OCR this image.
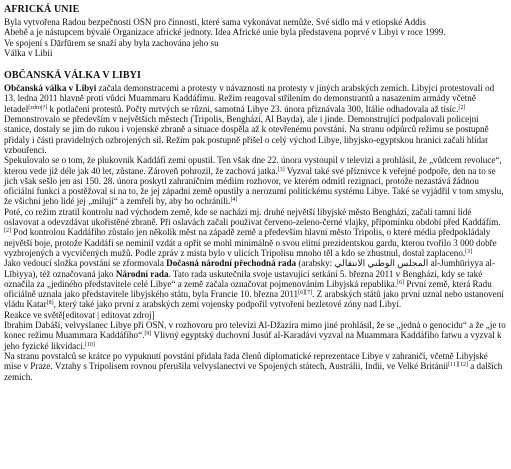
AFRICKÁ UNIE
Byla vytvořena Radou bezpečnosti OSN pro činnosti, které sama vykonávat nemůže. Své sídlo má v etiopské Addis
Abebě a je nástupcem bývalé Organizace africké jednoty. Idea Africké unie byla představena poprvé v Libyi v roce 1999.
Ve spojení s Dārfūrem se snaží aby byla zachována jeho su
Válka v Libii
OBČANSKÁ VÁLKA V LIBYI

Občanská válka v Libyi začala demonstracemi a protesty v návaznosti na protesty v jiných arabských zemích. Libyjci protestovali od 13. ledna 2011 hlavně proti vůdci Muammaru Kaddáfímu. Režim reagoval střílením do demonstrantů a nasazením armády včetně letadel[zdroj?] k potlačení protestů. Počty mrtvých se různí, samotná Libye 23. února přiznávala 300, Itálie odhadovala až tisíc.[2] Demonstrovalo se především v největších městech (Tripolis, Benghází, Al Bayda), ale i jinde. Demonstrující podpalovali policejní stanice, dostaly se jim do rukou i vojenské zbraně a situace dospěla až k otevřenému povstání. Na stranu odpůrců režimu se postupně přidaly i části pravidelných ozbrojených sil. Režim pak postupně přišel o celý východ Libye, libyjsko-egyptskou hranici začali hlídat vzbouřenci.

Spekulovalo se o tom, že plukovník Kaddáfí zemi opustil. Ten však dne 22. února vystoupil v televizi a prohlásil, že „vůdcem revoluce“, kterou vede již déle jak 40 let, zůstane. Zároveň pohrozil, že zachová jatka.[3] Vyzval také své příznivce k veřejné podpoře, den na to se jich však sešlo jen asi 150. 28. února poskytl zahraničním médiím rozhovor, ve kterém odmítl rezignaci, protože nezastává žádnou oficiální funkci a postěžoval si na to, že jej západní země opustily a nerozumí politickému systému Libye. Také se vyjádřil v tom smyslu, že všichni jeho lidé jej „milují“ a zemřeli by, aby ho ochránili.[4]

Poté, co režim ztratil kontrolu nad východem země, kde se nachází mj. druhé největší libyjské město Benghází, začali tamní lidé oslavovat a odevzdávat ukořistěné zbraně. Při oslavách začali používat červeno-zeleno-černé vlajky, připomínku období před Kaddáfím.[2] Pod kontrolou Kaddáfího zůstalo jen několik měst na západě země a především hlavní město Tripolis, o které média předpokládaly největší boje, protože Kaddáfí se neminil vzdát a opřít se mohl minimálně o svou elitní prezidentskou gardu, kterou tvořilo 3 000 dobře vyzbrojených a vycvičených mužů. Podle zpráv z místa bylo v ulicích Tripolisu mnoho těl a kdo se zhustnul, dostal zaplaceno.[3]

Jako vedoucí složka povstání se zformovala Dočasná národní přechodná rada (arabsky: المجلس الوطني الانتقالي al-Jumhūriyya al-Lībiyya), též označovaná jako Národní rada. Tato rada uskutečnila svoje ustavující setkání 5. března 2011 v Benghází, kdy se také označila za „jediného představitele celé Libye“ a země začala označovat pojmenováním Libyjská republika.[6] První země, která Radu oficiálně uznala jako představitele libyjského státu, byla Francie 10. března 2011[6][7]. Z arabských států jako první uznal nebo ustanovení vládu Katar[8], který také jako první z arabských zemí vojensky podpořil vytvoření bezletové zóny nad Libyí.

Reakce ve světě[editovat | editovat zdroj]

Ibrahim Dabáší, velvyslanec Libye při OSN, v rozhovoru pro televizi Al-Džazíra mimo jiné prohlásil, že se „jedná o genocidu“ a že „je to konec režimu Muammara Kaddáfího“.[9] Vlivný egyptský duchovní Jusúf al-Karadáví vyzval na Muammara Kaddáfího fatwu a vyzval k jeho fyzické likvidaci.[10]

Na stranu povstalců se krátce po vypuknutí povstání přidala řada členů diplomatické reprezentace Libye v zahraničí, včetně Libyjské mise v Praze. Vztahy s Tripolisem rovnou přerušila velvyslanectví ve Spojených státech, Austrálii, Indii, ve Velké Británii[11][12] a dalších zemích.
